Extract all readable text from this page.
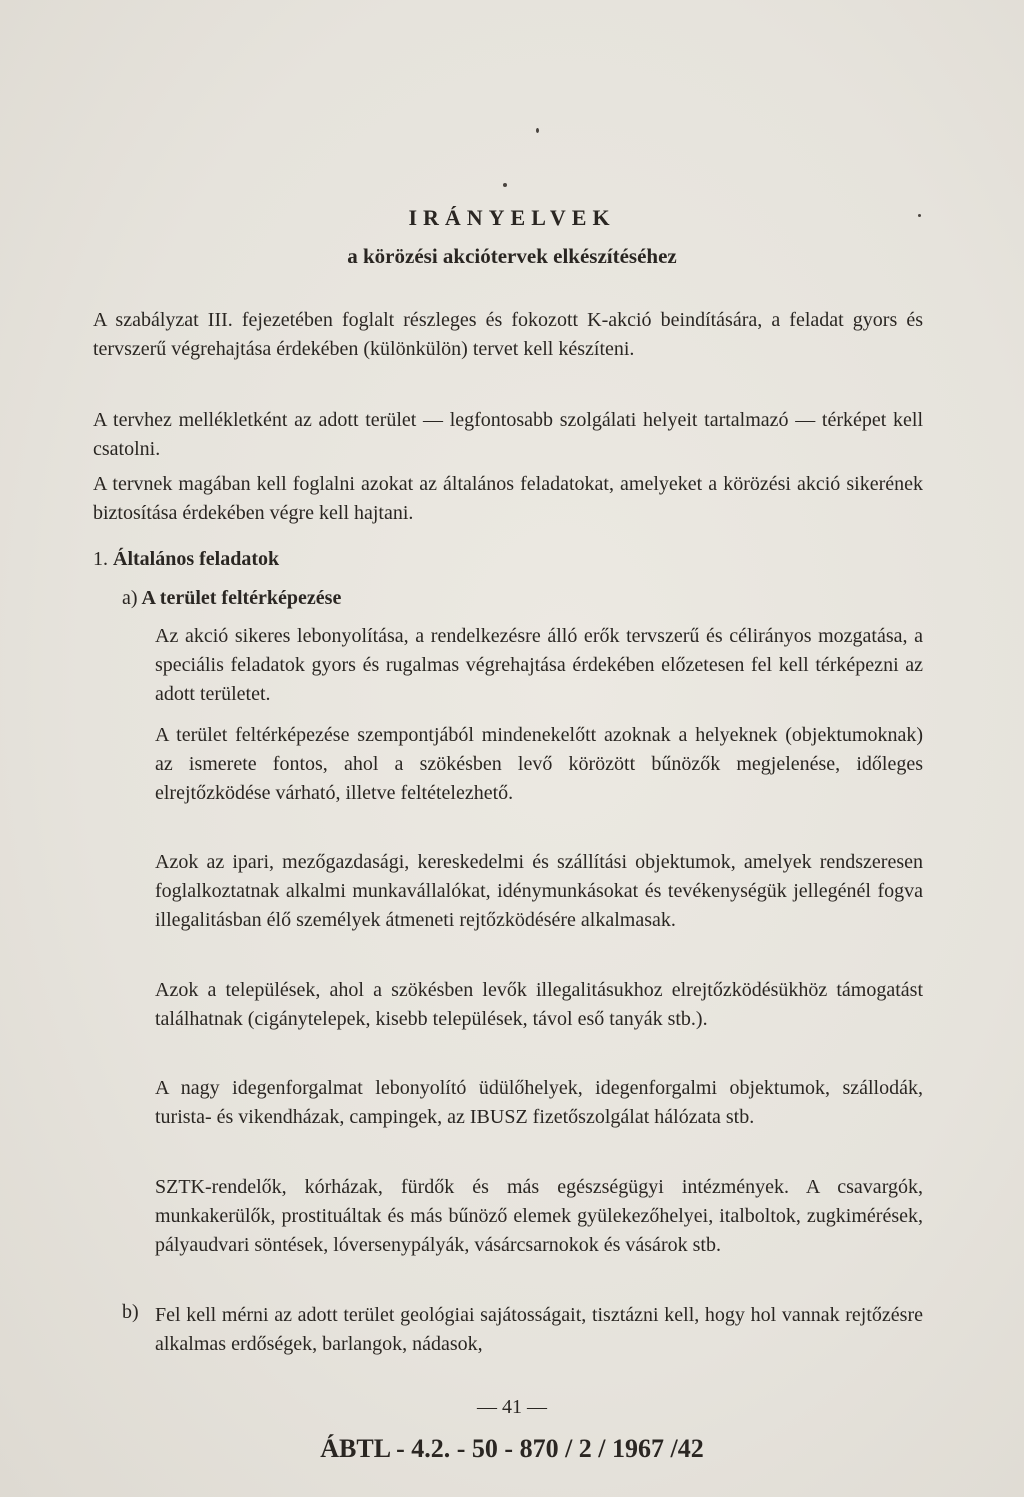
IRÁNYELVEK
a körözési akciótervek elkészítéséhez

A szabályzat III. fejezetében foglalt részleges és fokozott K-akció beindítására, a feladat gyors és tervszerű végrehajtása érdekében (különkülön) tervet kell készíteni.

A tervhez mellékletként az adott terület — legfontosabb szolgálati helyeit tartalmazó — térképet kell csatolni.

A tervnek magában kell foglalni azokat az általános feladatokat, amelyeket a körözési akció sikerének biztosítása érdekében végre kell hajtani.

1. Általános feladatok
a) A terület feltérképezése

Az akció sikeres lebonyolítása, a rendelkezésre álló erők tervszerű és célirányos mozgatása, a speciális feladatok gyors és rugalmas végrehajtása érdekében előzetesen fel kell térképezni az adott területet.

A terület feltérképezése szempontjából mindenekelőtt azoknak a helyeknek (objektumoknak) az ismerete fontos, ahol a szökésben levő körözött bűnözők megjelenése, időleges elrejtőzködése várható, illetve feltételezhető.

Azok az ipari, mezőgazdasági, kereskedelmi és szállítási objektumok, amelyek rendszeresen foglalkoztatnak alkalmi munkavállalókat, idénymunkásokat és tevékenységük jellegénél fogva illegalitásban élő személyek átmeneti rejtőzködésére alkalmasak.

Azok a települések, ahol a szökésben levők illegalitásukhoz elrejtőzködésükhöz támogatást találhatnak (cigánytelepek, kisebb települések, távol eső tanyák stb.).

A nagy idegenforgalmat lebonyolító üdülőhelyek, idegenforgalmi objektumok, szállodák, turista- és vikendházak, campingek, az IBUSZ fizetőszolgálat hálózata stb.

SZTK-rendelők, kórházak, fürdők és más egészségügyi intézmények. A csavargók, munkakerülők, prostituáltak és más bűnöző elemek gyülekezőhelyei, italboltok, zugkimérések, pályaudvari söntések, lóversenypályák, vásárcsarnokok és vásárok stb.

b) Fel kell mérni az adott terület geológiai sajátosságait, tisztázni kell, hogy hol vannak rejtőzésre alkalmas erdőségek, barlangok, nádasok,

— 41 —
ÁBTL - 4.2. - 50 - 870 / 2 / 1967 /42
